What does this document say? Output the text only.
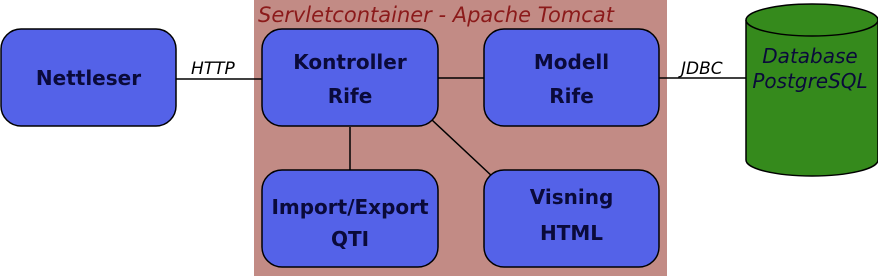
Servletcontainer - Apache Tomcat
HTTP	JDBC
Nettleser
Kontroller
Rife
Modell
Rife
Import/Export
QTI
Visning
HTML
Database
PostgreSQL
